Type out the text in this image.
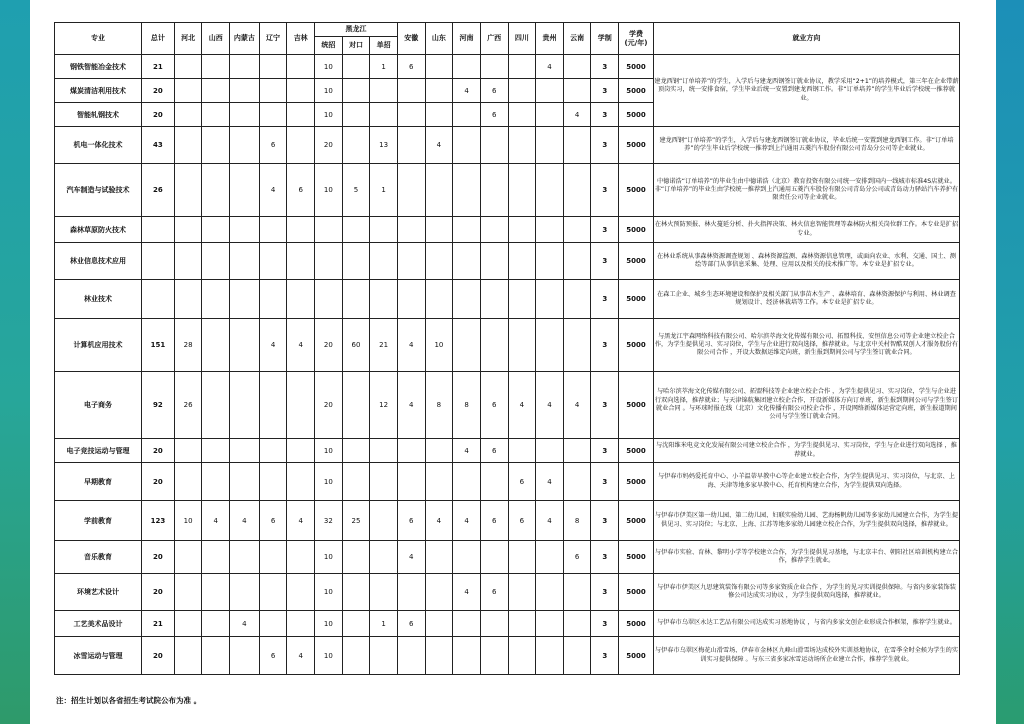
专业	总计	河北	山西	内蒙古	辽宁	吉林	黑龙江			安徽	山东	河南	广西	四川	贵州	云南	学制	学费
(元/年)	就业方向
							统招	对口	单招										
钢铁智能冶金技术	21						10		1	6					4		3	5000	建龙西钢“订单培养”的学生，入学后与建龙西钢签订就业协议，教学采用“2+1”的培养模式，第三年在企业带薪顶岗实习，统一安排食宿，学生毕业后统一安置到建龙西钢工作。非“订单培养”的学生毕业后学校统一推荐就业。
煤炭清洁利用技术	20						10					4	6				3	5000	
智能轧钢技术	20						10						6			4	3	5000	
机电一体化技术	43				6		20		13		4						3	5000	建龙西钢“订单培养”的学生，入学后与建龙西钢签订就业协议，毕业后统一安置到建龙西钢工作。非“订单培养”的学生毕业后学校统一推荐到上汽通用五菱汽车股份有限公司青岛分公司等企业就业。
汽车制造与试验技术	26				4	6	10	5	1								3	5000	中德诺浩“订单培养”的毕业生由中德诺浩（北京）教育投资有限公司统一安排到国内一线城市标准4S店就业。非“订单培养”的毕业生由学校统一推荐到上汽通用五菱汽车股份有限公司青岛分公司或青岛动力驿站汽车养护有限责任公司等企业就业。
森林草原防火技术																	3	5000	在林火预防预报、林火蔓延分析、扑火指挥决策、林火信息智能管理等森林防火相关岗位群工作。本专业是扩招专业。
林业信息技术应用																	3	5000	在林业系统从事森林资源调查规划 、森林资源监测、森林资源信息管理，或面向农业、水利、交通、国土、测绘等部门从事信息采集、处理、应用以及相关的技术推广等。本专业是扩招专业。
林业技术																	3	5000	在森工企业、城乡生态环境建设和保护及相关部门从事苗木生产 、森林培育、森林资源保护与利用、林业调查规划设计、经济林栽培等工作。本专业是扩招专业。
计算机应用技术	151	28			4	4	20	60	21	4	10						3	5000	与黑龙江宇森网络科技有限公司、哈尔滨萃海文化传媒有限公司、拓盟科技、安恒信息公司等企业建立校企合作，为学生提供见习、实习岗位，学生与企业进行双向选择，推荐就业。与北京中关村智酷双创人才服务股份有限公司合作 ，开设大数据运维定向班，新生报到期间公司与学生签订就业合同。
电子商务	92	26					20		12	4	8	8	6	4	4	4	3	5000	与哈尔滨萃海文化传媒有限公司、拓盟科技等企业建立校企合作 ，为学生提供见习、实习岗位，学生与企业进行双向选择，推荐就业；与天津锦航集团建立校企合作，开设新媒体方向订单班，新生报到期间公司与学生签订就业合同 。与环球时报在线（北京）文化传播有限公司校企合作 ，开设网络新媒体运营定向班，新生报道期间公司与学生签订就业合同。
电子竞技运动与管理	20						10					4	6				3	5000	与沈阳维米电竞文化发展有限公司建立校企合作 ，为学生提供见习、实习岗位，学生与企业进行双向选择 ，推荐就业。
早期教育	20						10							6	4		3	5000	与伊春市妈妈爱托育中心、小羊温蒂早教中心等企业建立校企合作，为学生提供见习、实习岗位，与北京、上海、天津等地多家早教中心、托育机构建立合作，为学生提供双向选择。
学前教育	123	10	4	4	6	4	32	25		6	4	4	6	6	4	8	3	5000	与伊春市伊美区第一幼儿园、第二幼儿园、妇联实验幼儿园、艺海杨帆幼儿园等多家幼儿园建立合作，为学生提供见习、实习岗位；与北京、上海、江苏等地多家幼儿园建立校企合作，为学生提供双向选择，推荐就业。
音乐教育	20						10			4						6	3	5000	与伊春市实验、育林、黎明小学等学校建立合作，为学生提供见习基地，与北京丰台、朝阳社区培训机构建立合作，推荐学生就业。
环境艺术设计	20						10					4	6				3	5000	与伊春市伊美区九思建筑装饰有限公司等多家资质企业合作 ，为学生的见习实训提供保障。与省内多家装饰装修公司达成实习协议 ，为学生提供双向选择，推荐就业。
工艺美术品设计	21			4			10		1	6							3	5000	与伊春市乌翠区永达工艺品有限公司达成实习基地协议 ，与省内多家文创企业形成合作框架，推荐学生就业。
冰雪运动与管理	20				6	4	10										3	5000	与伊春市乌翠区梅花山滑雪场、伊春市金林区九峰山滑雪场达成校外实训基地协议，在雪季全时全候为学生的实训实习提供保障 。与东三省多家冰雪运动场所企业建立合作，推荐学生就业。
注：招生计划以各省招生考试院公布为准 。
